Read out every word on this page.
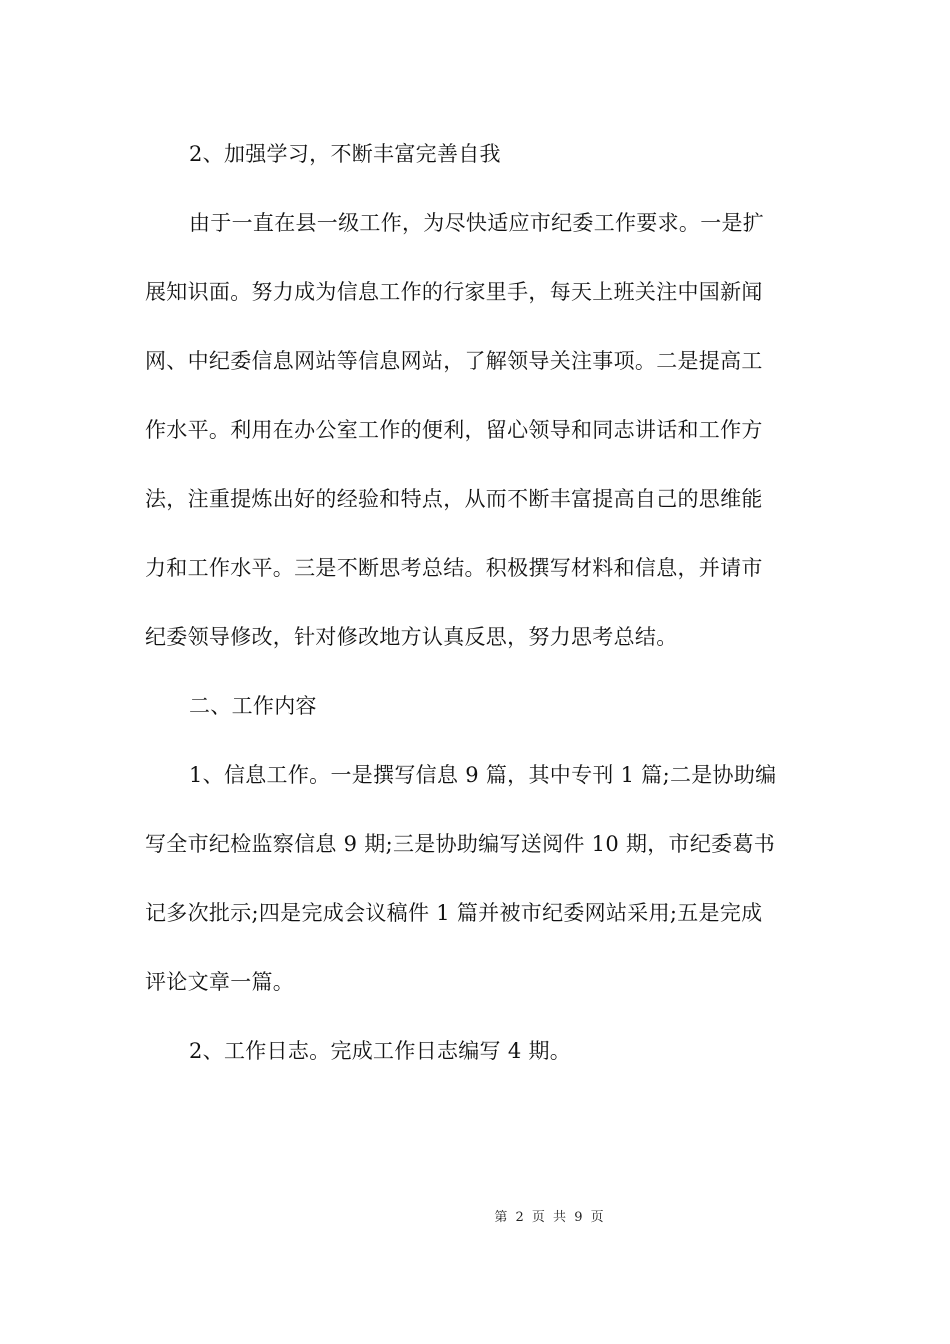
2、加强学习，不断丰富完善自我

由于一直在县一级工作，为尽快适应市纪委工作要求。一是扩
展知识面。努力成为信息工作的行家里手，每天上班关注中国新闻
网、中纪委信息网站等信息网站，了解领导关注事项。二是提高工
作水平。利用在办公室工作的便利，留心领导和同志讲话和工作方
法，注重提炼出好的经验和特点，从而不断丰富提高自己的思维能
力和工作水平。三是不断思考总结。积极撰写材料和信息，并请市
纪委领导修改，针对修改地方认真反思，努力思考总结。

二、工作内容

1、信息工作。一是撰写信息 9 篇，其中专刊 1 篇;二是协助编
写全市纪检监察信息 9 期;三是协助编写送阅件 10 期，市纪委葛书
记多次批示;四是完成会议稿件 1 篇并被市纪委网站采用;五是完成
评论文章一篇。

2、工作日志。完成工作日志编写 4 期。

第 2 页 共 9 页
